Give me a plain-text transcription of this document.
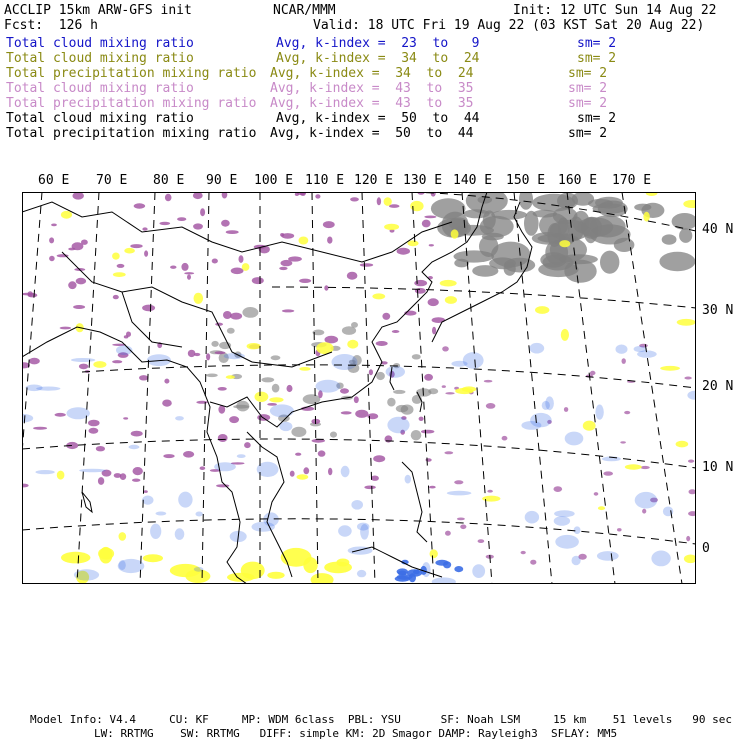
ACCLIP 15km ARW-GFS init	NCAR/MMM	Init: 12 UTC Sun 14 Aug 22
Fcst:  126 h	Valid: 18 UTC Fri 19 Aug 22 (03 KST Sat 20 Aug 22)
Total cloud mixing ratio	Avg, k-index =  23  to   9	sm= 2
Total cloud mixing ratio	Avg, k-index =  34  to  24	sm= 2
Total precipitation mixing ratio Avg, k-index =  34  to  24	sm= 2
Total cloud mixing ratio	Avg, k-index =  43  to  35	sm= 2
Total precipitation mixing ratio Avg, k-index =  43  to  35	sm= 2
Total cloud mixing ratio	Avg, k-index =  50  to  44	sm= 2
Total precipitation mixing ratio Avg, k-index =  50  to  44	sm= 2
60 E 70 E 80 E 90 E 100 E 110 E 120 E 130 E 140 E 150 E 160 E 170 E
40 N
30 N
20 N
10 N
0
Model Info: V4.4     CU: KF     MP: WDM 6class  PBL: YSU      SF: Noah LSM     15 km    51 levels   90 sec
LW: RRTMG    SW: RRTMG   DIFF: simple KM: 2D Smagor DAMP: Rayleigh3  SFLAY: MM5
